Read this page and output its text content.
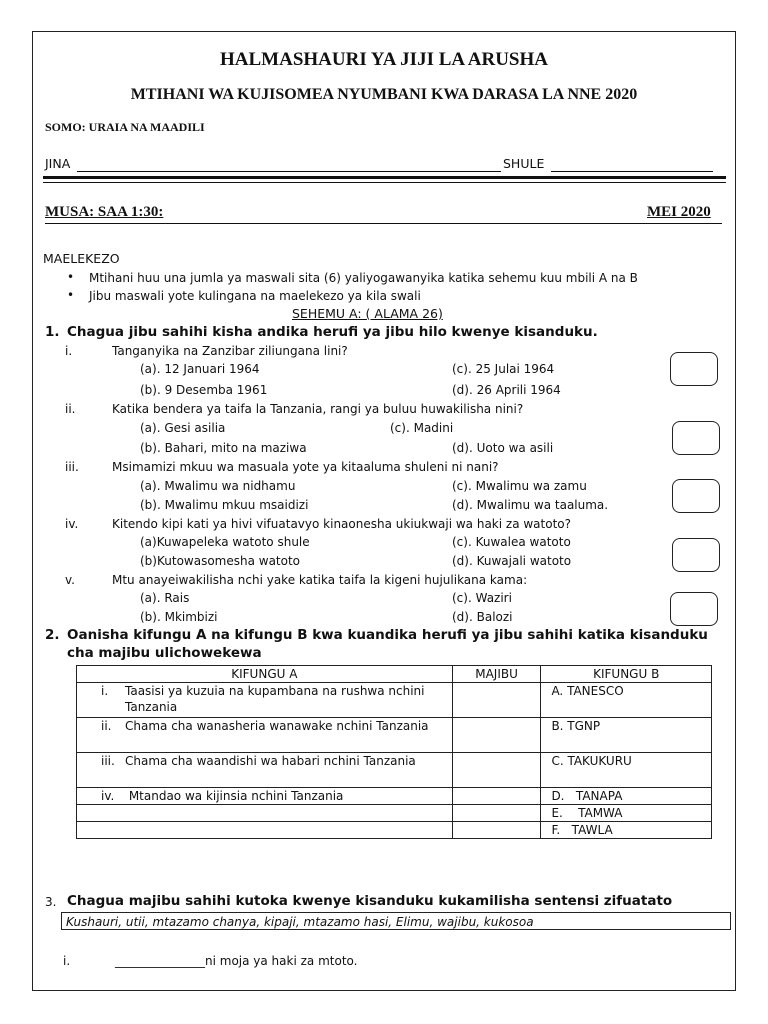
HALMASHAURI YA JIJI LA ARUSHA
MTIHANI WA KUJISOMEA NYUMBANI KWA DARASA LA NNE 2020
SOMO: URAIA NA MAADILI
JINA	SHULE
MUSA: SAA 1:30:	MEI 2020
MAELEKEZO
• Mtihani huu una jumla ya maswali sita (6) yaliyogawanyika katika sehemu kuu mbili A na B
• Jibu maswali yote kulingana na maelekezo ya kila swali
SEHEMU A: ( ALAMA 26)
1. Chagua jibu sahihi kisha andika herufi ya jibu hilo kwenye kisanduku.
i.	Tanganyika na Zanzibar ziliungana lini?
(a). 12 Januari 1964	(c). 25 Julai 1964
(b). 9 Desemba 1961	(d). 26 Aprili 1964
ii.	Katika bendera ya taifa la Tanzania, rangi ya buluu huwakilisha nini?
(a). Gesi asilia	(c). Madini
(b). Bahari, mito na maziwa	(d). Uoto wa asili
iii.	Msimamizi mkuu wa masuala yote ya kitaaluma shuleni ni nani?
(a). Mwalimu wa nidhamu	(c). Mwalimu wa zamu
(b). Mwalimu mkuu msaidizi	(d). Mwalimu wa taaluma.
iv.	Kitendo kipi kati ya hivi vifuatavyo kinaonesha ukiukwaji wa haki za watoto?
(a)Kuwapeleka watoto shule	(c). Kuwalea watoto
(b)Kutowasomesha watoto	(d). Kuwajali watoto
v.	Mtu anayeiwakilisha nchi yake katika taifa la kigeni hujulikana kama:
(a). Rais	(c). Waziri
(b). Mkimbizi	(d). Balozi
2. Oanisha kifungu A na kifungu B kwa kuandika herufi ya jibu sahihi katika kisanduku
cha majibu ulichowekewa
KIFUNGU A	MAJIBU	KIFUNGU B
i. Taasisi ya kuzuia na kupambana na rushwa nchini Tanzania		A. TANESCO
ii. Chama cha wanasheria wanawake nchini Tanzania		B. TGNP
iii. Chama cha waandishi wa habari nchini Tanzania		C. TAKUKURU
iv. Mtandao wa kijinsia nchini Tanzania		D.   TANAPA
		E.    TAMWA
		F.   TAWLA
3. Chagua majibu sahihi kutoka kwenye kisanduku kukamilisha sentensi zifuatato
Kushauri, utii, mtazamo chanya, kipaji, mtazamo hasi, Elimu, wajibu, kukosoa
i.	_______________ni moja ya haki za mtoto.
